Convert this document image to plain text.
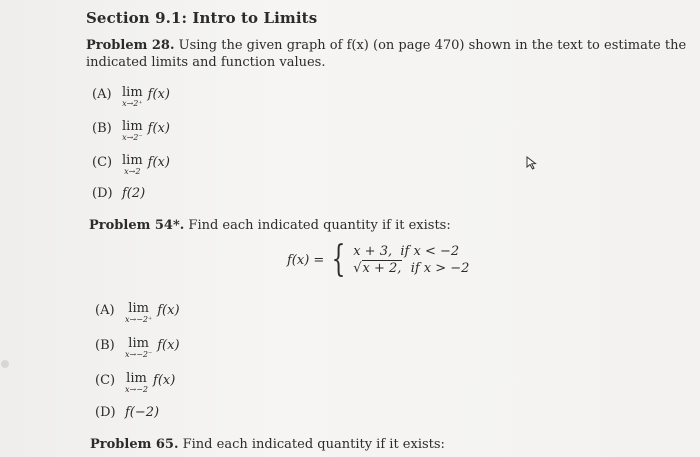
Section 9.1: Intro to Limits
Problem 28. Using the given graph of f(x) (on page 470) shown in the text to estimate the
indicated limits and function values.
(A) lim
x→2⁺
f(x)
(B) lim
x→2⁻
f(x)
(C) lim
x→2
f(x)
(D) f(2)
Problem 54*. Find each indicated quantity if it exists:
f(x) = { x + 3, if x < −2
√x + 2, if x > −2
(A)	lim
x→−2⁺
f(x)
(B)	lim
x→−2⁻
f(x)
(C) lim
x→−2
f(x)
(D) f(−2)
Problem 65. Find each indicated quantity if it exists:
